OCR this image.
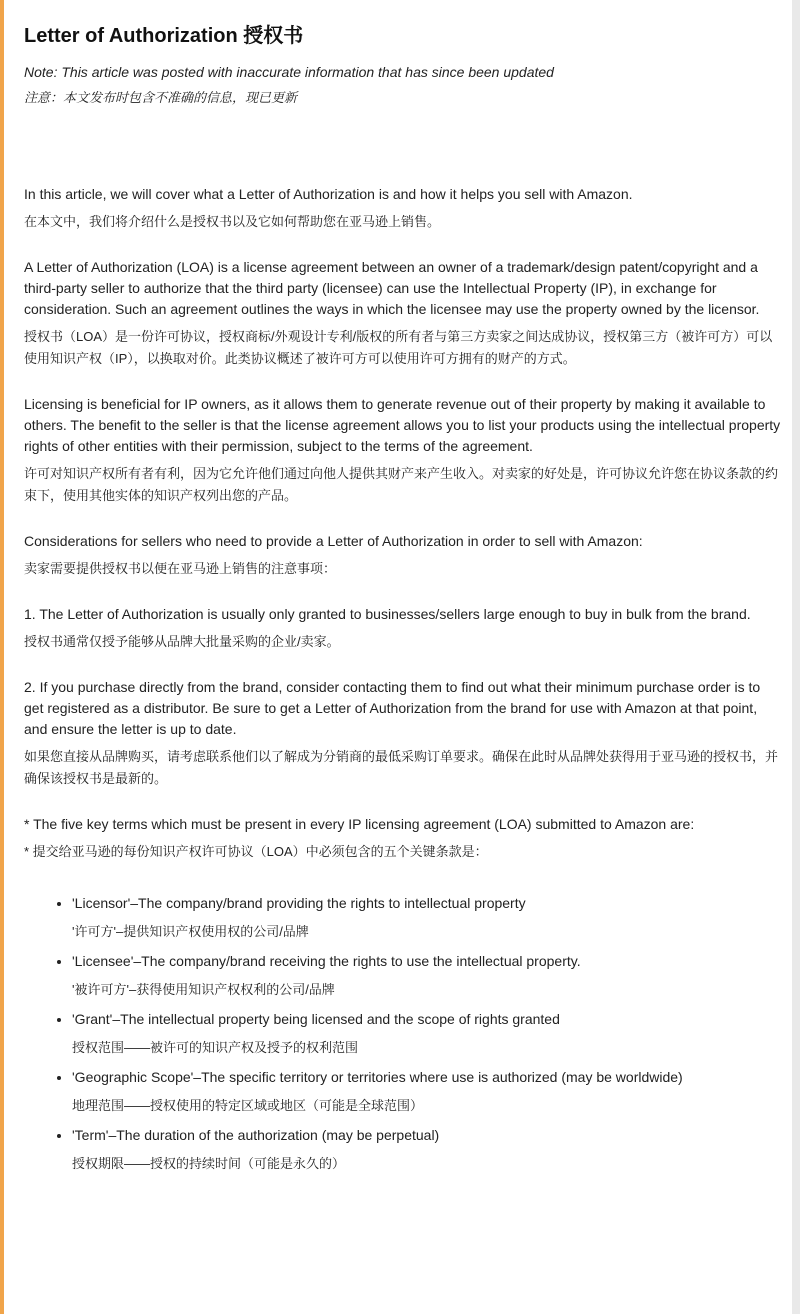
Letter of Authorization 授权书
Note: This article was posted with inaccurate information that has since been updated
注意：本文发布时包含不准确的信息，现已更新

In this article, we will cover what a Letter of Authorization is and how it helps you sell with Amazon.

在本文中，我们将介绍什么是授权书以及它如何帮助您在亚马逊上销售。

A Letter of Authorization (LOA) is a license agreement between an owner of a trademark/design patent/copyright and a third-party seller to authorize that the third party (licensee) can use the Intellectual Property (IP), in exchange for consideration. Such an agreement outlines the ways in which the licensee may use the property owned by the licensor.

授权书（LOA）是一份许可协议，授权商标/外观设计专利/版权的所有者与第三方卖家之间达成协议，授权第三方（被许可方）可以使用知识产权（IP），以换取对价。此类协议概述了被许可方可以使用许可方拥有的财产的方式。

Licensing is beneficial for IP owners, as it allows them to generate revenue out of their property by making it available to others. The benefit to the seller is that the license agreement allows you to list your products using the intellectual property rights of other entities with their permission, subject to the terms of the agreement.

许可对知识产权所有者有利，因为它允许他们通过向他人提供其财产来产生收入。对卖家的好处是，许可协议允许您在协议条款的约束下，使用其他实体的知识产权列出您的产品。

Considerations for sellers who need to provide a Letter of Authorization in order to sell with Amazon:

卖家需要提供授权书以便在亚马逊上销售的注意事项：

1. The Letter of Authorization is usually only granted to businesses/sellers large enough to buy in bulk from the brand.

授权书通常仅授予能够从品牌大批量采购的企业/卖家。

2. If you purchase directly from the brand, consider contacting them to find out what their minimum purchase order is to get registered as a distributor. Be sure to get a Letter of Authorization from the brand for use with Amazon at that point, and ensure the letter is up to date.

如果您直接从品牌购买，请考虑联系他们以了解成为分销商的最低采购订单要求。确保在此时从品牌处获得用于亚马逊的授权书，并确保该授权书是最新的。

* The five key terms which must be present in every IP licensing agreement (LOA) submitted to Amazon are:

* 提交给亚马逊的每份知识产权许可协议（LOA）中必须包含的五个关键条款是：

• 'Licensor'–The company/brand providing the rights to intellectual property
'许可方'–提供知识产权使用权的公司/品牌
• 'Licensee'–The company/brand receiving the rights to use the intellectual property.
'被许可方'–获得使用知识产权权利的公司/品牌
• 'Grant'–The intellectual property being licensed and the scope of rights granted
授权范围——被许可的知识产权及授予的权利范围
• 'Geographic Scope'–The specific territory or territories where use is authorized (may be worldwide)
地理范围——授权使用的特定区域或地区（可能是全球范围）
• 'Term'–The duration of the authorization (may be perpetual)
授权期限——授权的持续时间（可能是永久的）
